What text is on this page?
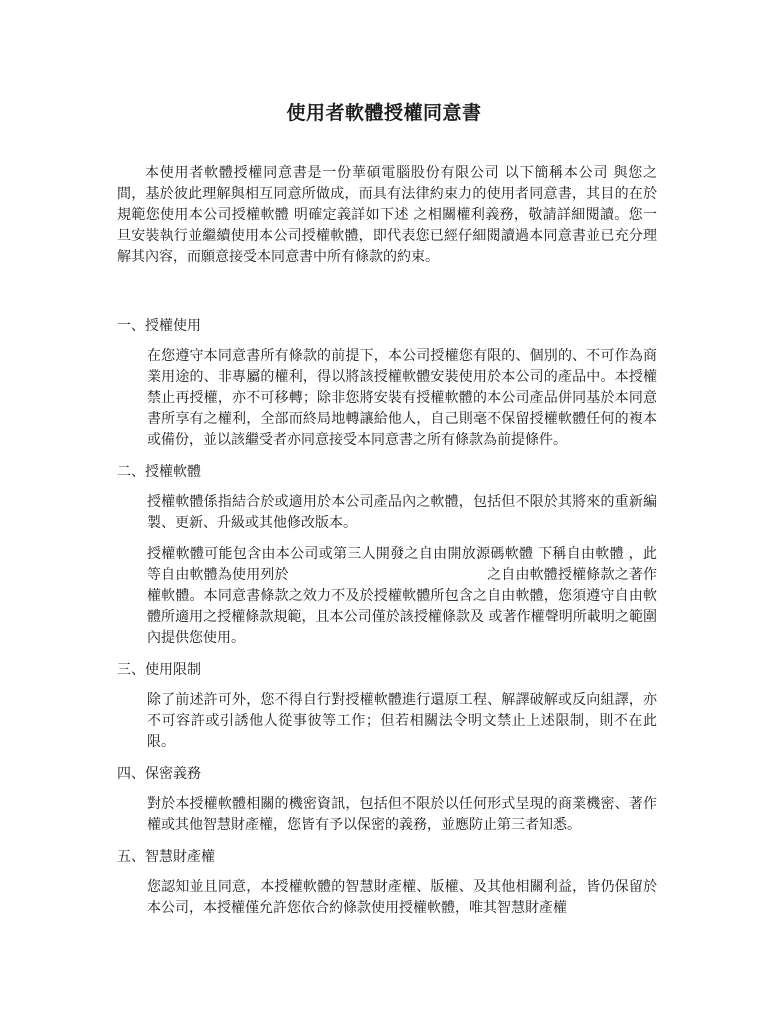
使用者軟體授權同意書

本使用者軟體授權同意書是一份華碩電腦股份有限公司 以下簡稱本公司 與您之間，基於彼此理解與相互同意所做成，而具有法律約束力的使用者同意書，其目的在於規範您使用本公司授權軟體 明確定義詳如下述 之相關權利義務，敬請詳細閱讀。您一旦安裝執行並繼續使用本公司授權軟體，即代表您已經仔細閱讀過本同意書並已充分理解其內容，而願意接受本同意書中所有條款的約束。

一、授權使用

在您遵守本同意書所有條款的前提下，本公司授權您有限的、個別的、不可作為商業用途的、非專屬的權利，得以將該授權軟體安裝使用於本公司的產品中。本授權禁止再授權，亦不可移轉；除非您將安裝有授權軟體的本公司產品併同基於本同意書所享有之權利，全部而終局地轉讓給他人，自己則毫不保留授權軟體任何的複本或備份，並以該繼受者亦同意接受本同意書之所有條款為前提條件。

二、授權軟體

授權軟體係指結合於或適用於本公司產品內之軟體，包括但不限於其將來的重新編製、更新、升級或其他修改版本。

授權軟體可能包含由本公司或第三人開發之自由開放源碼軟體 下稱自由軟體 ，此等自由軟體為使用列於　　　　　　　　　　　　　　之自由軟體授權條款之著作權軟體。本同意書條款之效力不及於授權軟體所包含之自由軟體，您須遵守自由軟體所適用之授權條款規範，且本公司僅於該授權條款及 或著作權聲明所載明之範圍內提供您使用。

三、使用限制

除了前述許可外，您不得自行對授權軟體進行還原工程、解譯破解或反向組譯，亦不可容許或引誘他人從事彼等工作；但若相關法令明文禁止上述限制，則不在此限。

四、保密義務

對於本授權軟體相關的機密資訊，包括但不限於以任何形式呈現的商業機密、著作權或其他智慧財產權，您皆有予以保密的義務，並應防止第三者知悉。

五、智慧財產權

您認知並且同意，本授權軟體的智慧財產權、版權、及其他相關利益，皆仍保留於本公司，本授權僅允許您依合約條款使用授權軟體，唯其智慧財產權
